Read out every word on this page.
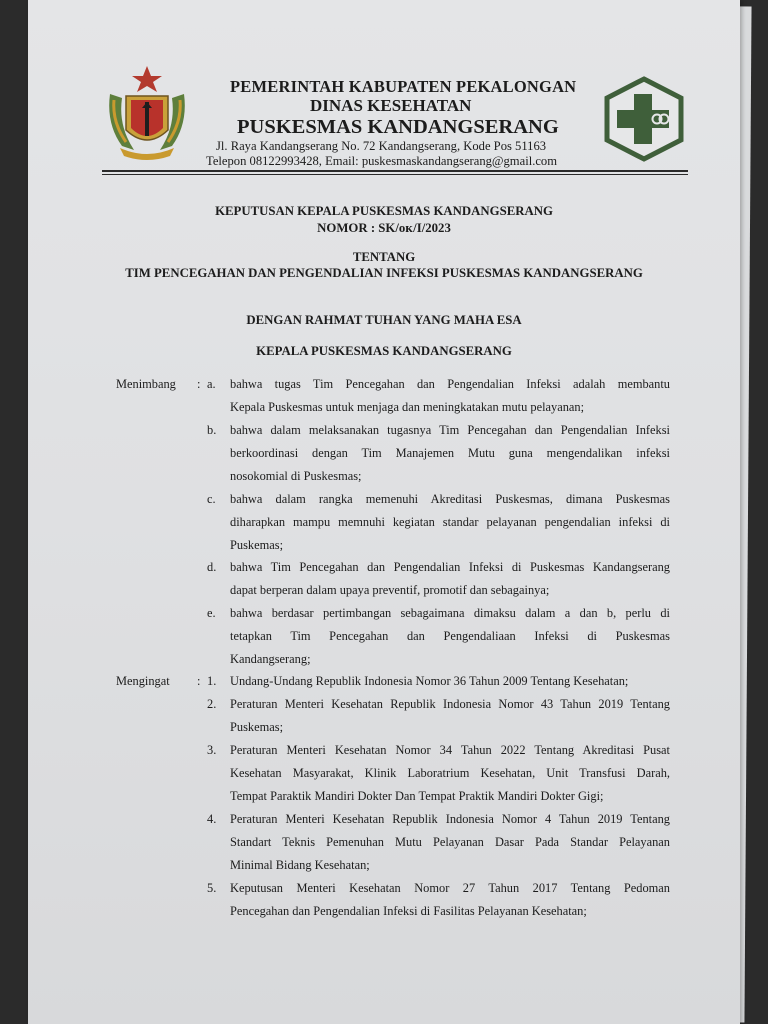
PEMERINTAH KABUPATEN PEKALONGAN
DINAS KESEHATAN
PUSKESMAS KANDANGSERANG
Jl. Raya Kandangserang No. 72 Kandangserang, Kode Pos 51163
Telepon 08122993428, Email: puskesmaskandangserang@gmail.com
KEPUTUSAN KEPALA PUSKESMAS KANDANGSERANG
NOMOR : SK/ᴏᴋ/I/2023
TENTANG
TIM PENCEGAHAN DAN PENGENDALIAN INFEKSI PUSKESMAS KANDANGSERANG
DENGAN RAHMAT TUHAN YANG MAHA ESA
KEPALA PUSKESMAS KANDANGSERANG
Menimbang : a. bahwa tugas Tim Pencegahan dan Pengendalian Infeksi adalah membantu
Kepala Puskesmas untuk menjaga dan meningkatakan mutu pelayanan;
b. bahwa dalam melaksanakan tugasnya Tim Pencegahan dan Pengendalian Infeksi
berkoordinasi dengan Tim Manajemen Mutu guna mengendalikan infeksi
nosokomial di Puskesmas;
c. bahwa dalam rangka memenuhi Akreditasi Puskesmas, dimana Puskesmas
diharapkan mampu memnuhi kegiatan standar pelayanan pengendalian infeksi di
Puskemas;
d. bahwa Tim Pencegahan dan Pengendalian Infeksi di Puskesmas Kandangserang
dapat berperan dalam upaya preventif, promotif dan sebagainya;
e. bahwa berdasar pertimbangan sebagaimana dimaksu dalam a dan b, perlu di
tetapkan Tim Pencegahan dan Pengendaliaan Infeksi di Puskesmas
Kandangserang;
Mengingat : 1. Undang-Undang Republik Indonesia Nomor 36 Tahun 2009 Tentang Kesehatan;
2. Peraturan Menteri Kesehatan Republik Indonesia Nomor 43 Tahun 2019 Tentang
Puskemas;
3. Peraturan Menteri Kesehatan Nomor 34 Tahun 2022 Tentang Akreditasi Pusat
Kesehatan Masyarakat, Klinik Laboratrium Kesehatan, Unit Transfusi Darah,
Tempat Paraktik Mandiri Dokter Dan Tempat Praktik Mandiri Dokter Gigi;
4. Peraturan Menteri Kesehatan Republik Indonesia Nomor 4 Tahun 2019 Tentang
Standart Teknis Pemenuhan Mutu Pelayanan Dasar Pada Standar Pelayanan
Minimal Bidang Kesehatan;
5. Keputusan Menteri Kesehatan Nomor 27 Tahun 2017 Tentang Pedoman
Pencegahan dan Pengendalian Infeksi di Fasilitas Pelayanan Kesehatan;
